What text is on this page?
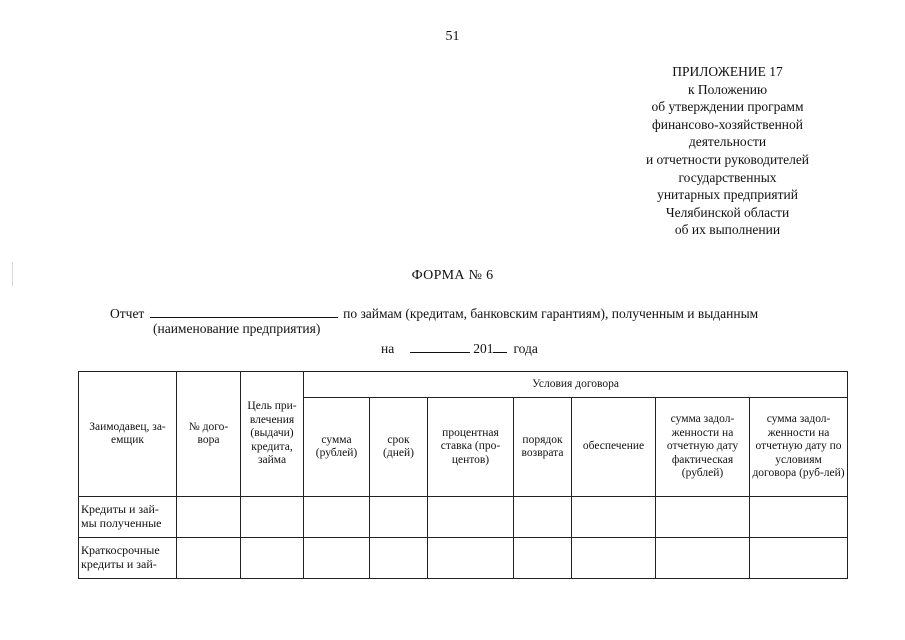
51
ПРИЛОЖЕНИЕ 17
к Положению
об утверждении программ
финансово-хозяйственной
деятельности
и отчетности руководителей
государственных
унитарных предприятий
Челябинской области
об их выполнении
ФОРМА № 6
Отчет	по займам (кредитам, банковским гарантиям), полученным и выданным
(наименование предприятия)
на	201 года
Заимодавец, за-емщик	№ дого-вора	Цель при-влечения (выдачи) кредита, займа	Условия договора						
			сумма (рублей)	срок (дней)	процентная ставка (про-центов)	порядок возврата	обеспечение	сумма задол-женности на отчетную дату фактическая (рублей)	сумма задол-женности на отчетную дату по условиям договора (руб-лей)
Кредиты и зай-мы полученные									
Краткосрочные кредиты и зай-									
